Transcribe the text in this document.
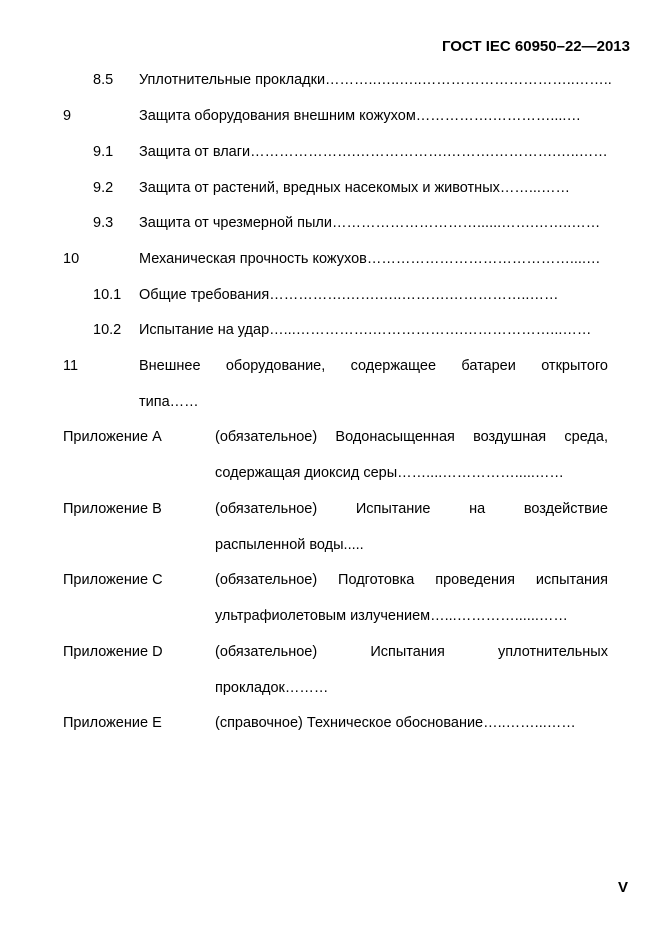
ГОСТ IEC 60950–22—2013
8.5 Уплотнительные прокладки………..…..…..…………………………..……..
9	Защита оборудования внешним кожухом…………….…………....…
9.1 Защита от влаги………………….……………….……….………….…..……
9.2 Защита от растений, вредных насекомых и животных……...……
9.3 Защита от чрезмерной пыли…………………………......…….……..……
10	Механическая прочность кожухов……………………………………....…
10.1 Общие требования…………….…….…..……….……………..……
10.2 Испытание на удар…...…………….……………….………………...……
11	Внешнее оборудование, содержащее батареи открытого
типа……
Приложение A	(обязательное) Водонасыщенная воздушная среда,
содержащая диоксид серы……....…………….....……
Приложение B	(обязательное)	Испытание	на	воздействие
распыленной воды.....
Приложение C	(обязательное) Подготовка проведения испытания
ультрафиолетовым излучением…...…………......……
Приложение D	(обязательное)	Испытания	уплотнительных
прокладок………
Приложение E	(справочное) Техническое обоснование…..……...……
V
